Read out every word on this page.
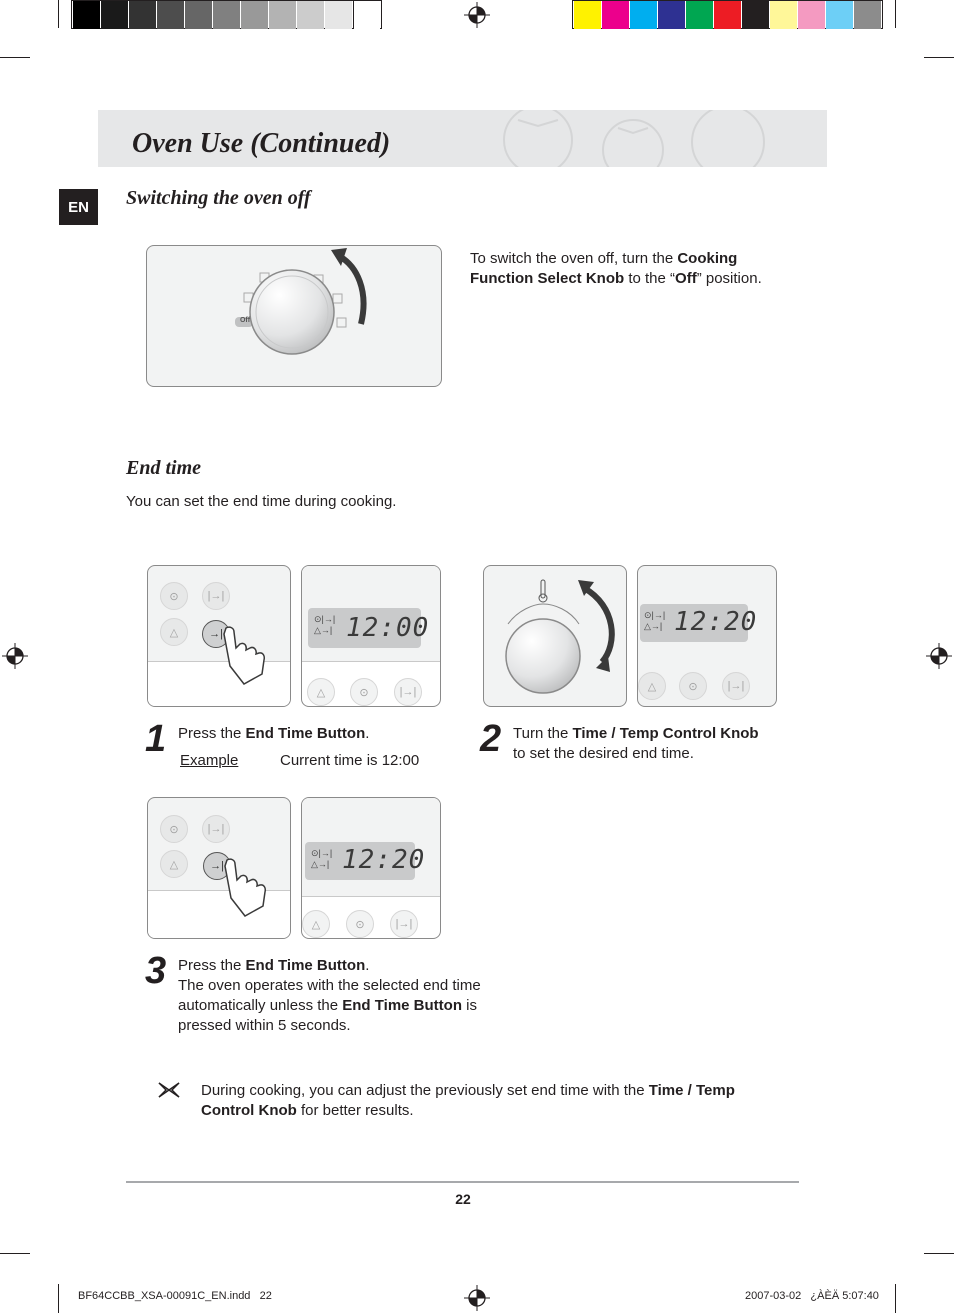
Oven Use (Continued)
EN	Switching the oven off
Off
To switch the oven off, turn the Cooking Function Select Knob to the “Off” position.
End time
You can set the end time during cooking.
⊙	|→|
△	→|
⊙|→|
△→| 12:00
△	⊙	|→|
⊙|→|
△→| 12:20
△	⊙	|→|
1 Press the End Time Button.
Example	Current time is 12:00
2 Turn the Time / Temp Control Knob
to set the desired end time.
⊙	|→|
△	→|
⊙|→|
△→| 12:20
△	⊙	|→|
3 Press the End Time Button.
The oven operates with the selected end time
automatically unless the End Time Button is
pressed within 5 seconds.
During cooking, you can adjust the previously set end time with the Time / Temp
Control Knob for better results.
22
BF64CCBB_XSA-00091C_EN.indd   22	2007-03-02   ¿ÀÈÄ 5:07:40
